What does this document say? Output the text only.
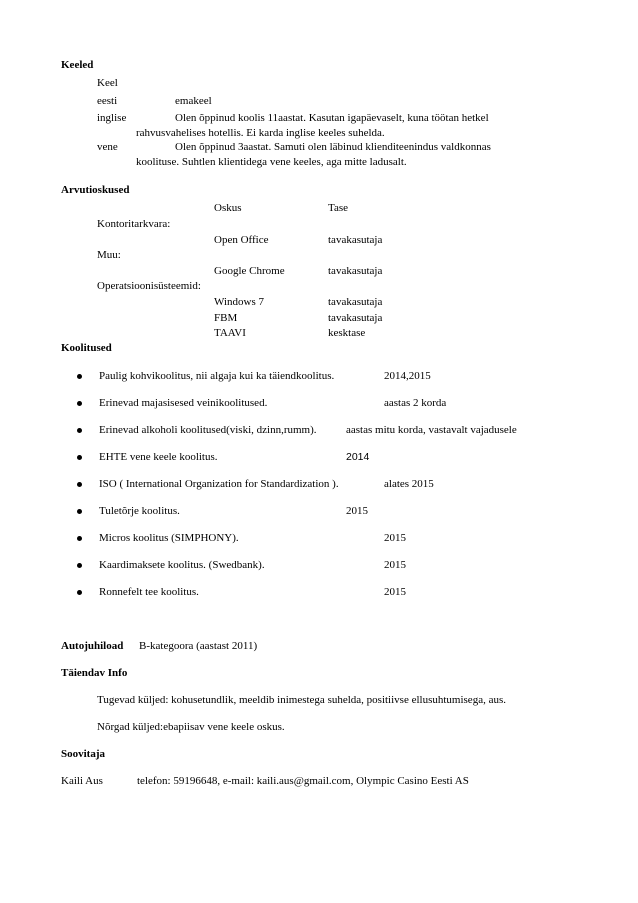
Keeled
Keel
eesti	emakeel
inglise	Olen õppinud koolis 11aastat. Kasutan igapäevaselt, kuna töötan hetkel
rahvusvahelises hotellis. Ei karda inglise keeles suhelda.
vene	Olen õppinud 3aastat. Samuti olen läbinud klienditeenindus valdkonnas
koolituse. Suhtlen klientidega vene keeles, aga mitte ladusalt.
Arvutioskused
Oskus	Tase
Kontoritarkvara:
Open Office	tavakasutaja
Muu:
Google Chrome	tavakasutaja
Operatsioonisüsteemid:
Windows 7	tavakasutaja
FBM	tavakasutaja
TAAVI	kesktase
Koolitused
Paulig kohvikoolitus, nii algaja kui ka täiendkoolitus.	2014,2015
Erinevad majasisesed veinikoolitused.	aastas 2 korda
Erinevad alkoholi koolitused(viski, dzinn,rumm).	aastas mitu korda, vastavalt vajadusele
EHTE vene keele koolitus.	2014
ISO ( International Organization for Standardization ).	alates 2015
Tuletõrje koolitus.	2015
Micros koolitus (SIMPHONY).	2015
Kaardimaksete koolitus. (Swedbank).	2015
Ronnefelt tee koolitus.	2015
Autojuhiload B-kategoora (aastast 2011)
Täiendav Info
Tugevad küljed: kohusetundlik, meeldib inimestega suhelda, positiivse ellusuhtumisega, aus.
Nõrgad küljed:ebapiisav vene keele oskus.
Soovitaja
Kaili Aus	telefon: 59196648, e-mail: kaili.aus@gmail.com, Olympic Casino Eesti AS
